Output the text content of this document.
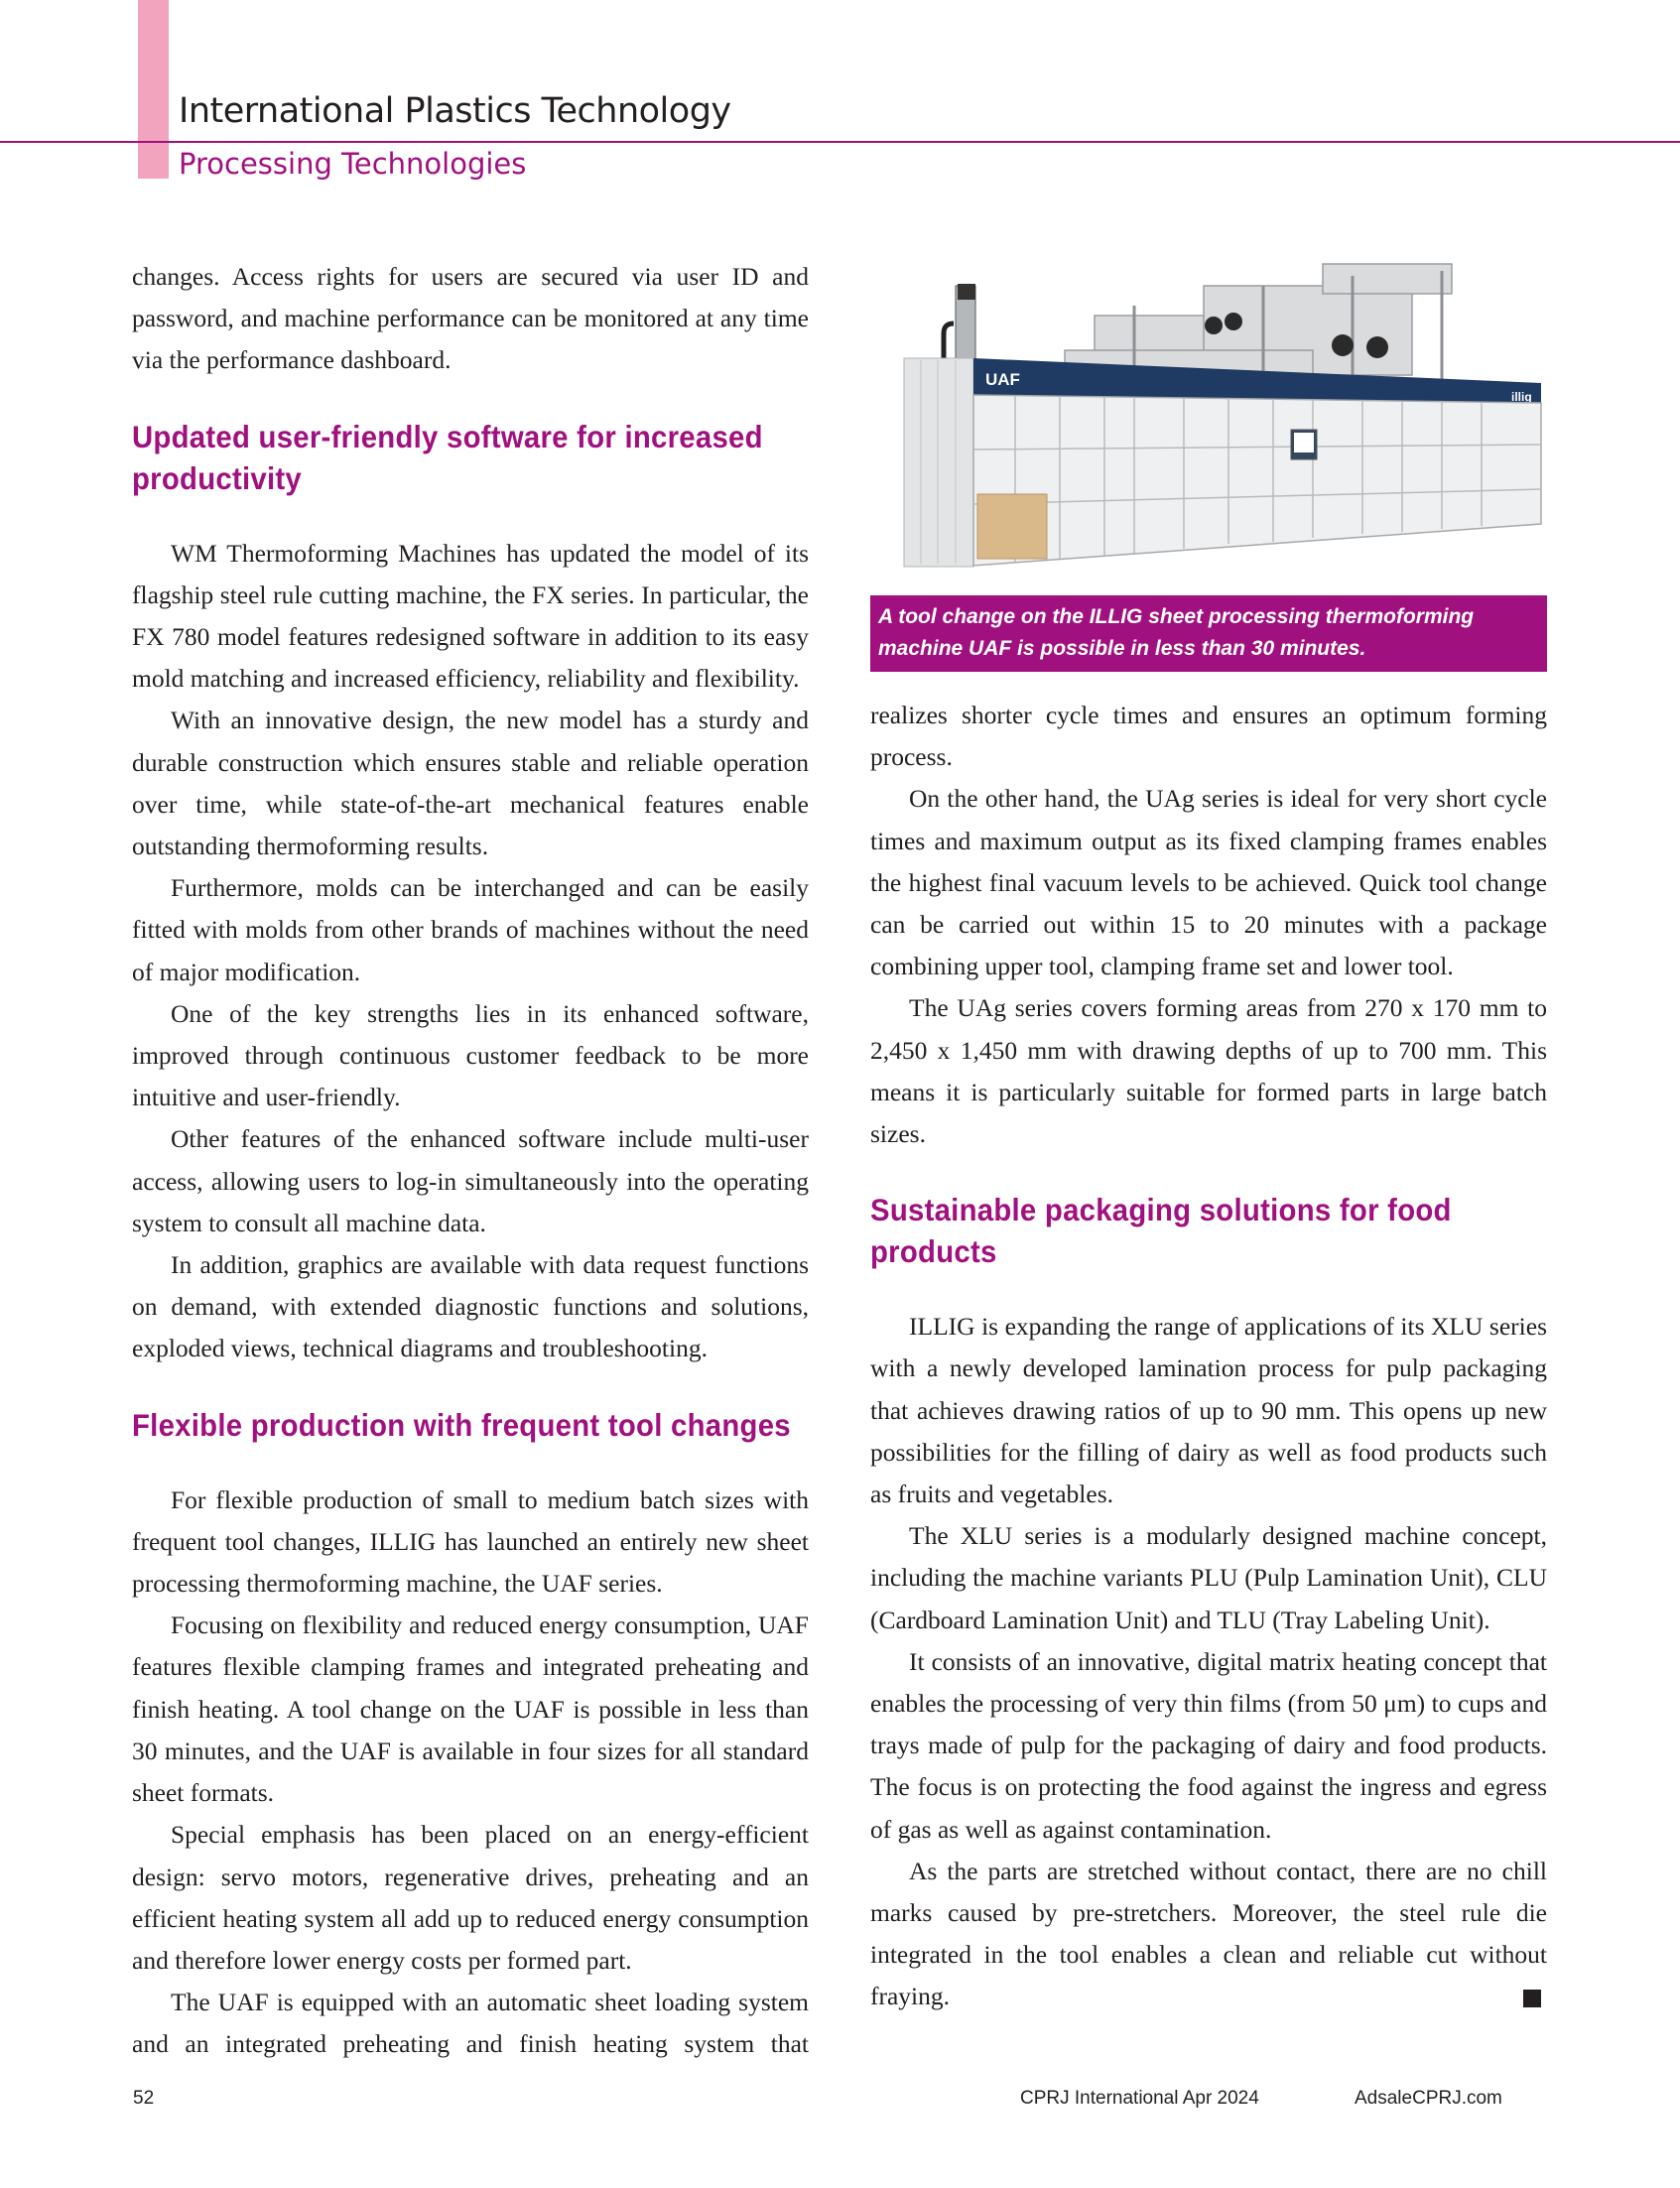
International Plastics Technology
Processing Technologies

changes. Access rights for users are secured via user ID and password, and machine performance can be monitored at any time via the performance dashboard.

Updated user-friendly software for increased productivity

WM Thermoforming Machines has updated the model of its flagship steel rule cutting machine, the FX series. In particular, the FX 780 model features redesigned software in addition to its easy mold matching and increased efficiency, reliability and flexibility.

With an innovative design, the new model has a sturdy and durable construction which ensures stable and reliable operation over time, while state-of-the-art mechanical features enable outstanding thermoforming results.

Furthermore, molds can be interchanged and can be easily fitted with molds from other brands of machines without the need of major modification.

One of the key strengths lies in its enhanced software, improved through continuous customer feedback to be more intuitive and user-friendly.

Other features of the enhanced software include multi-user access, allowing users to log-in simultaneously into the operating system to consult all machine data.

In addition, graphics are available with data request functions on demand, with extended diagnostic functions and solutions, exploded views, technical diagrams and troubleshooting.

Flexible production with frequent tool changes

For flexible production of small to medium batch sizes with frequent tool changes, ILLIG has launched an entirely new sheet processing thermoforming machine, the UAF series.

Focusing on flexibility and reduced energy consumption, UAF features flexible clamping frames and integrated preheating and finish heating. A tool change on the UAF is possible in less than 30 minutes, and the UAF is available in four sizes for all standard sheet formats.

Special emphasis has been placed on an energy-efficient design: servo motors, regenerative drives, preheating and an efficient heating system all add up to reduced energy consumption and therefore lower energy costs per formed part.

The UAF is equipped with an automatic sheet loading system and an integrated preheating and finish heating system that

UAF
illig
A tool change on the ILLIG sheet processing thermoforming machine UAF is possible in less than 30 minutes.

realizes shorter cycle times and ensures an optimum forming process.

On the other hand, the UAg series is ideal for very short cycle times and maximum output as its fixed clamping frames enables the highest final vacuum levels to be achieved. Quick tool change can be carried out within 15 to 20 minutes with a package combining upper tool, clamping frame set and lower tool.

The UAg series covers forming areas from 270 x 170 mm to 2,450 x 1,450 mm with drawing depths of up to 700 mm. This means it is particularly suitable for formed parts in large batch sizes.

Sustainable packaging solutions for food products

ILLIG is expanding the range of applications of its XLU series with a newly developed lamination process for pulp packaging that achieves drawing ratios of up to 90 mm. This opens up new possibilities for the filling of dairy as well as food products such as fruits and vegetables.

The XLU series is a modularly designed machine concept, including the machine variants PLU (Pulp Lamination Unit), CLU (Cardboard Lamination Unit) and TLU (Tray Labeling Unit).

It consists of an innovative, digital matrix heating concept that enables the processing of very thin films (from 50 μm) to cups and trays made of pulp for the packaging of dairy and food products. The focus is on protecting the food against the ingress and egress of gas as well as against contamination.

As the parts are stretched without contact, there are no chill marks caused by pre-stretchers. Moreover, the steel rule die integrated in the tool enables a clean and reliable cut without fraying.

52	CPRJ International Apr 2024	AdsaleCPRJ.com
